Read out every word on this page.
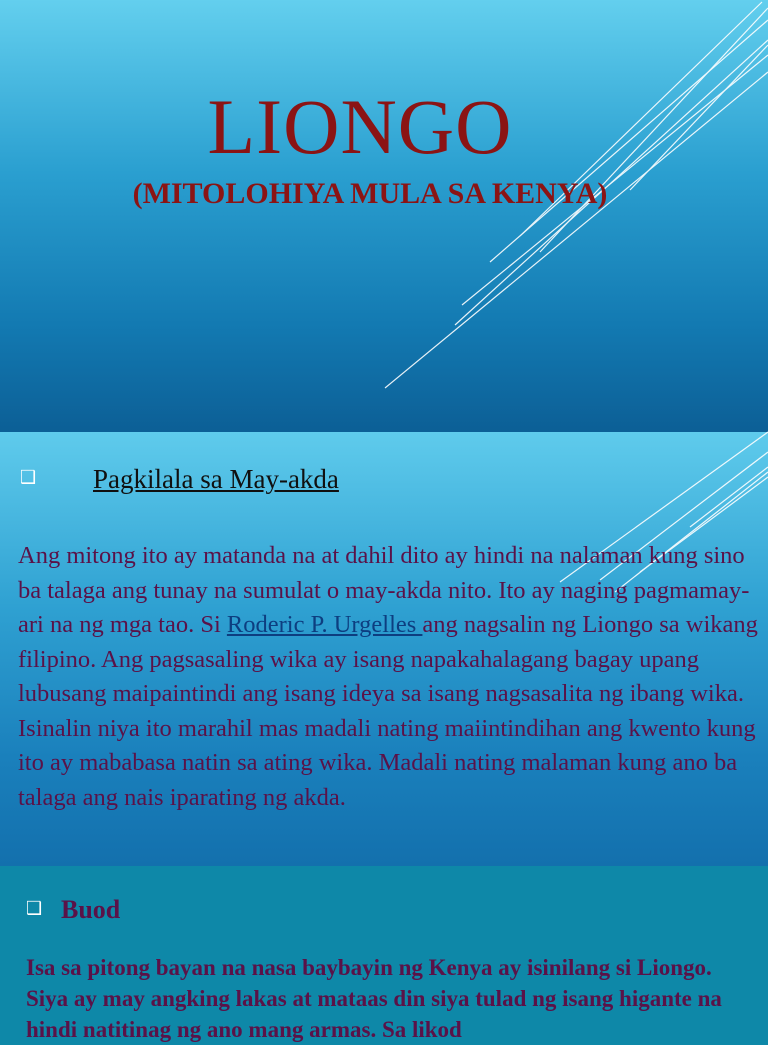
LIONGO
(MITOLOHIYA MULA SA KENYA)
❑ Pagkilala sa May-akda

Ang mitong ito ay matanda na at dahil dito ay hindi na nalaman kung sino ba talaga ang tunay na sumulat o may-akda nito. Ito ay naging pagmamay-ari na ng mga tao. Si Roderic P. Urgelles ang nagsalin ng Liongo sa wikang filipino. Ang pagsasaling wika ay isang napakahalagang bagay upang lubusang maipaintindi ang isang ideya sa isang nagsasalita ng ibang wika. Isinalin niya ito marahil mas madali nating maiintindihan ang kwento kung ito ay mababasa natin sa ating wika. Madali nating malaman kung ano ba talaga ang nais iparating ng akda.

❑ Buod

Isa sa pitong bayan na nasa baybayin ng Kenya ay isinilang si Liongo. Siya ay may angking lakas at mataas din siya tulad ng isang higante na hindi natitinag ng ano mang armas. Sa likod
